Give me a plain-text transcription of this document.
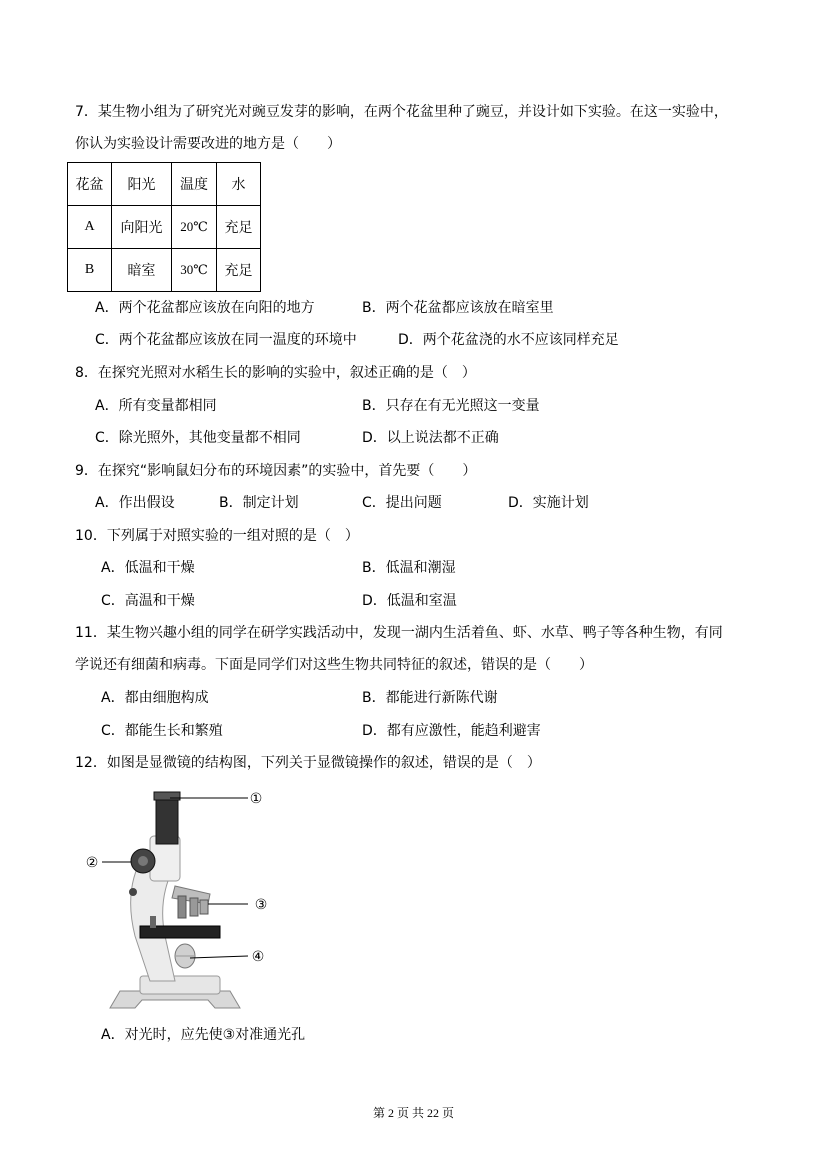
7．某生物小组为了研究光对豌豆发芽的影响，在两个花盆里种了豌豆，并设计如下实验。在这一实验中，
你认为实验设计需要改进的地方是（　　）
花盆	阳光	温度	水
A	向阳光	20℃	充足
B	暗室	30℃	充足
A．两个花盆都应该放在向阳的地方	B．两个花盆都应该放在暗室里
C．两个花盆都应该放在同一温度的环境中	D．两个花盆浇的水不应该同样充足
8．在探究光照对水稻生长的影响的实验中，叙述正确的是（　）
A．所有变量都相同	B．只存在有无光照这一变量
C．除光照外，其他变量都不相同	D．以上说法都不正确
9．在探究“影响鼠妇分布的环境因素”的实验中，首先要（　　）
A．作出假设	B．制定计划	C．提出问题	D．实施计划
10．下列属于对照实验的一组对照的是（　）
A．低温和干燥	B．低温和潮湿
C．高温和干燥	D．低温和室温
11．某生物兴趣小组的同学在研学实践活动中，发现一湖内生活着鱼、虾、水草、鸭子等各种生物，有同
学说还有细菌和病毒。下面是同学们对这些生物共同特征的叙述，错误的是（　　）
A．都由细胞构成	B．都能进行新陈代谢
C．都能生长和繁殖	D．都有应激性，能趋利避害
12．如图是显微镜的结构图，下列关于显微镜操作的叙述，错误的是（　）
①
②
③
④
A．对光时，应先使③对准通光孔
第 2 页 共 22 页
